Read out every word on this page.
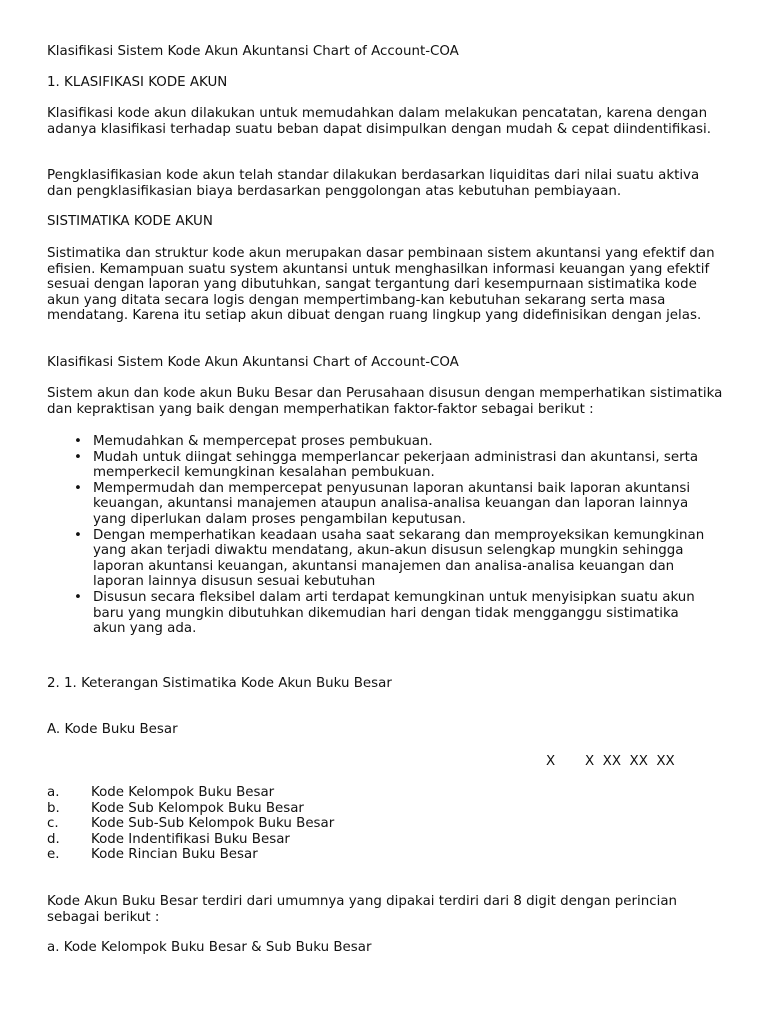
Klasifikasi Sistem Kode Akun Akuntansi Chart of Account-COA

1. KLASIFIKASI KODE AKUN

Klasifikasi kode akun dilakukan untuk memudahkan dalam melakukan pencatatan, karena dengan adanya klasifikasi terhadap suatu beban dapat disimpulkan dengan mudah & cepat diindentifikasi.

Pengklasifikasian kode akun telah standar dilakukan berdasarkan liquiditas dari nilai suatu aktiva dan pengklasifikasian biaya berdasarkan penggolongan atas kebutuhan pembiayaan.

SISTIMATIKA KODE AKUN

Sistimatika dan struktur kode akun merupakan dasar pembinaan sistem akuntansi yang efektif dan efisien. Kemampuan suatu system akuntansi untuk menghasilkan informasi keuangan yang efektif sesuai dengan laporan yang dibutuhkan, sangat tergantung dari kesempurnaan sistimatika kode akun yang ditata secara logis dengan mempertimbang-kan kebutuhan sekarang serta masa mendatang. Karena itu setiap akun dibuat dengan ruang lingkup yang didefinisikan dengan jelas.

Klasifikasi Sistem Kode Akun Akuntansi Chart of Account-COA

Sistem akun dan kode akun Buku Besar dan Perusahaan disusun dengan memperhatikan sistimatika dan kepraktisan yang baik dengan memperhatikan faktor-faktor sebagai berikut :

• Memudahkan & mempercepat proses pembukuan.
• Mudah untuk diingat sehingga memperlancar pekerjaan administrasi dan akuntansi, serta memperkecil kemungkinan kesalahan pembukuan.
• Mempermudah dan mempercepat penyusunan laporan akuntansi baik laporan akuntansi keuangan, akuntansi manajemen ataupun analisa-analisa keuangan dan laporan lainnya yang diperlukan dalam proses pengambilan keputusan.
• Dengan memperhatikan keadaan usaha saat sekarang dan memproyeksikan kemungkinan yang akan terjadi diwaktu mendatang, akun-akun disusun selengkap mungkin sehingga laporan akuntansi keuangan, akuntansi manajemen dan analisa-analisa keuangan dan laporan lainnya disusun sesuai kebutuhan
• Disusun secara fleksibel dalam arti terdapat kemungkinan untuk menyisipkan suatu akun baru yang mungkin dibutuhkan dikemudian hari dengan tidak mengganggu sistimatika akun yang ada.

2. 1. Keterangan Sistimatika Kode Akun Buku Besar

A. Kode Buku Besar

X       X  XX  XX  XX
a. Kode Kelompok Buku Besar
b. Kode Sub Kelompok Buku Besar
c. Kode Sub-Sub Kelompok Buku Besar
d. Kode Indentifikasi Buku Besar
e. Kode Rincian Buku Besar

Kode Akun Buku Besar terdiri dari umumnya yang dipakai terdiri dari 8 digit dengan perincian sebagai berikut :

a. Kode Kelompok Buku Besar & Sub Buku Besar
